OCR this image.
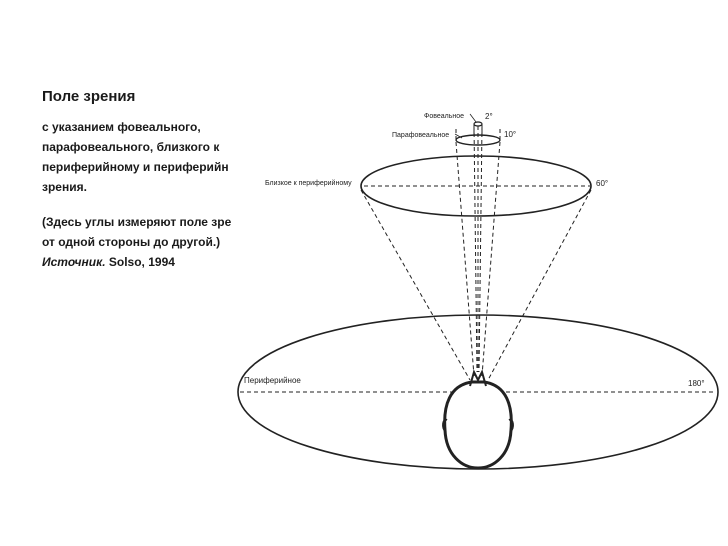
Поле зрения

с указанием фовеального,

парафовеального, близкого к

периферийному и периферийн

зрения.

(Здесь углы измеряют поле зре

от одной стороны до другой.)

Источник. Solso, 1994

Фовеальное	2°
Парафовеальное	10°
Близкое к периферийному	60°
Периферийное	180°
